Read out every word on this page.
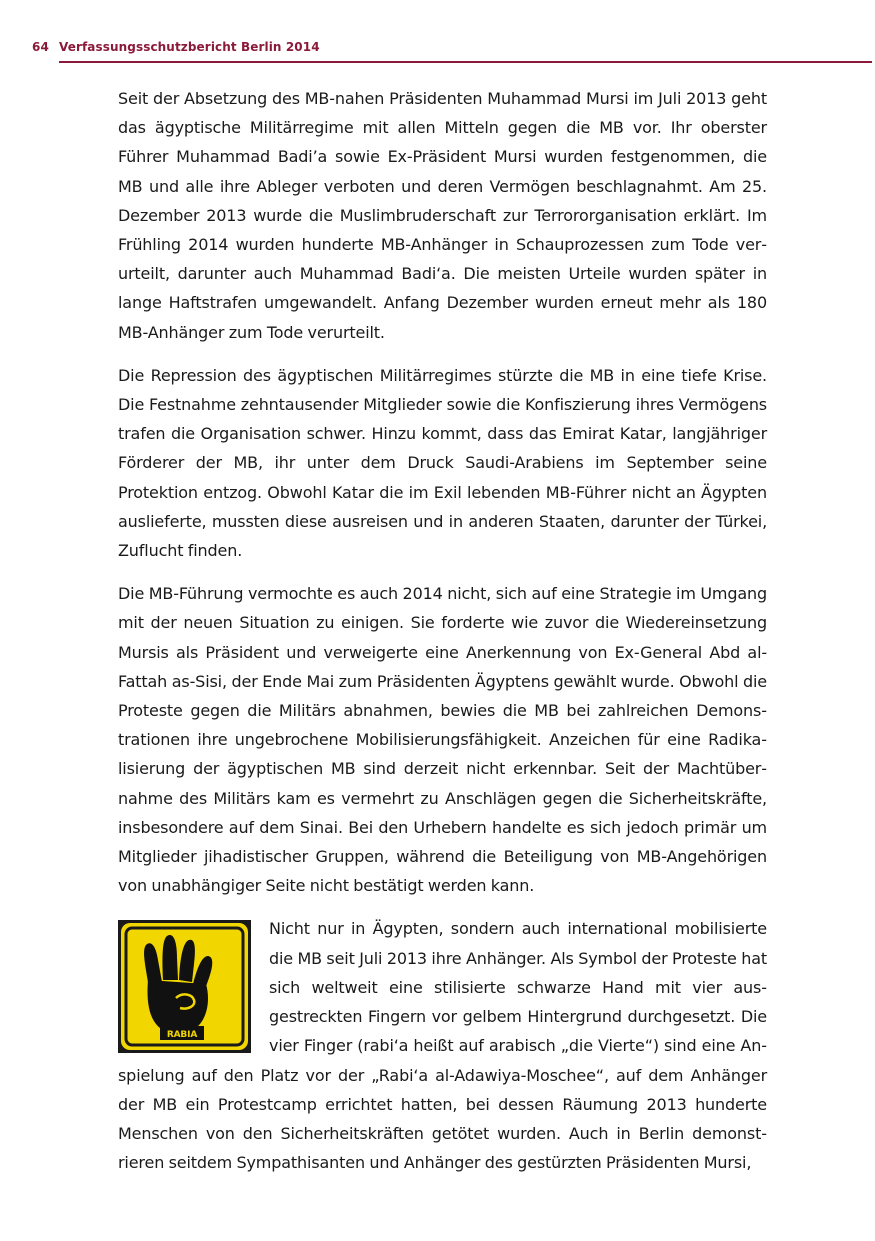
64 Verfassungsschutzbericht Berlin 2014

Seit der Absetzung des MB-nahen Präsidenten Muhammad Mursi im Juli 2013 geht das ägyptische Militärregime mit allen Mitteln gegen die MB vor. Ihr oberster Führer Muhammad Badi’a sowie Ex-Präsident Mursi wurden festgenommen, die MB und alle ihre Ableger verboten und deren Vermögen beschlagnahmt. Am 25. Dezember 2013 wurde die Muslimbruderschaft zur Terrororganisation erklärt. Im Frühling 2014 wurden hunderte MB-Anhänger in Schauprozessen zum Tode verurteilt, darunter auch Muhammad Badi‘a. Die meisten Urteile wurden später in lange Haftstrafen umgewandelt. Anfang Dezember wurden erneut mehr als 180 MB-Anhänger zum Tode verurteilt.

Die Repression des ägyptischen Militärregimes stürzte die MB in eine tiefe Krise. Die Festnahme zehntausender Mitglieder sowie die Konfiszierung ihres Vermögens trafen die Organisation schwer. Hinzu kommt, dass das Emirat Katar, langjähriger Förderer der MB, ihr unter dem Druck Saudi-Arabiens im September seine Protektion entzog. Obwohl Katar die im Exil lebenden MB-Führer nicht an Ägypten auslieferte, mussten diese ausreisen und in anderen Staaten, darunter der Türkei, Zuflucht finden.

Die MB-Führung vermochte es auch 2014 nicht, sich auf eine Strategie im Umgang mit der neuen Situation zu einigen. Sie forderte wie zuvor die Wiedereinsetzung Mursis als Präsident und verweigerte eine Anerkennung von Ex-General Abd al-Fattah as-Sisi, der Ende Mai zum Präsidenten Ägyptens gewählt wurde. Obwohl die Proteste gegen die Militärs abnahmen, bewies die MB bei zahlreichen Demonstrationen ihre ungebrochene Mobilisierungsfähigkeit. Anzeichen für eine Radikalisierung der ägyptischen MB sind derzeit nicht erkennbar. Seit der Machtübernahme des Militärs kam es vermehrt zu Anschlägen gegen die Sicherheitskräfte, insbesondere auf dem Sinai. Bei den Urhebern handelte es sich jedoch primär um Mitglieder jihadistischer Gruppen, während die Beteiligung von MB-Angehörigen von unabhängiger Seite nicht bestätigt werden kann.

RABIA
Nicht nur in Ägypten, sondern auch international mobilisierte die MB seit Juli 2013 ihre Anhänger. Als Symbol der Proteste hat sich weltweit eine stilisierte schwarze Hand mit vier ausgestreckten Fingern vor gelbem Hintergrund durchgesetzt. Die vier Finger (rabi‘a heißt auf arabisch „die Vierte“) sind eine Anspielung auf den Platz vor der „Rabi‘a al-Adawiya-Moschee“, auf dem Anhänger der MB ein Protestcamp errichtet hatten, bei dessen Räumung 2013 hunderte Menschen von den Sicherheitskräften getötet wurden. Auch in Berlin demonstrieren seitdem Sympathisanten und Anhänger des gestürzten Präsidenten Mursi,
